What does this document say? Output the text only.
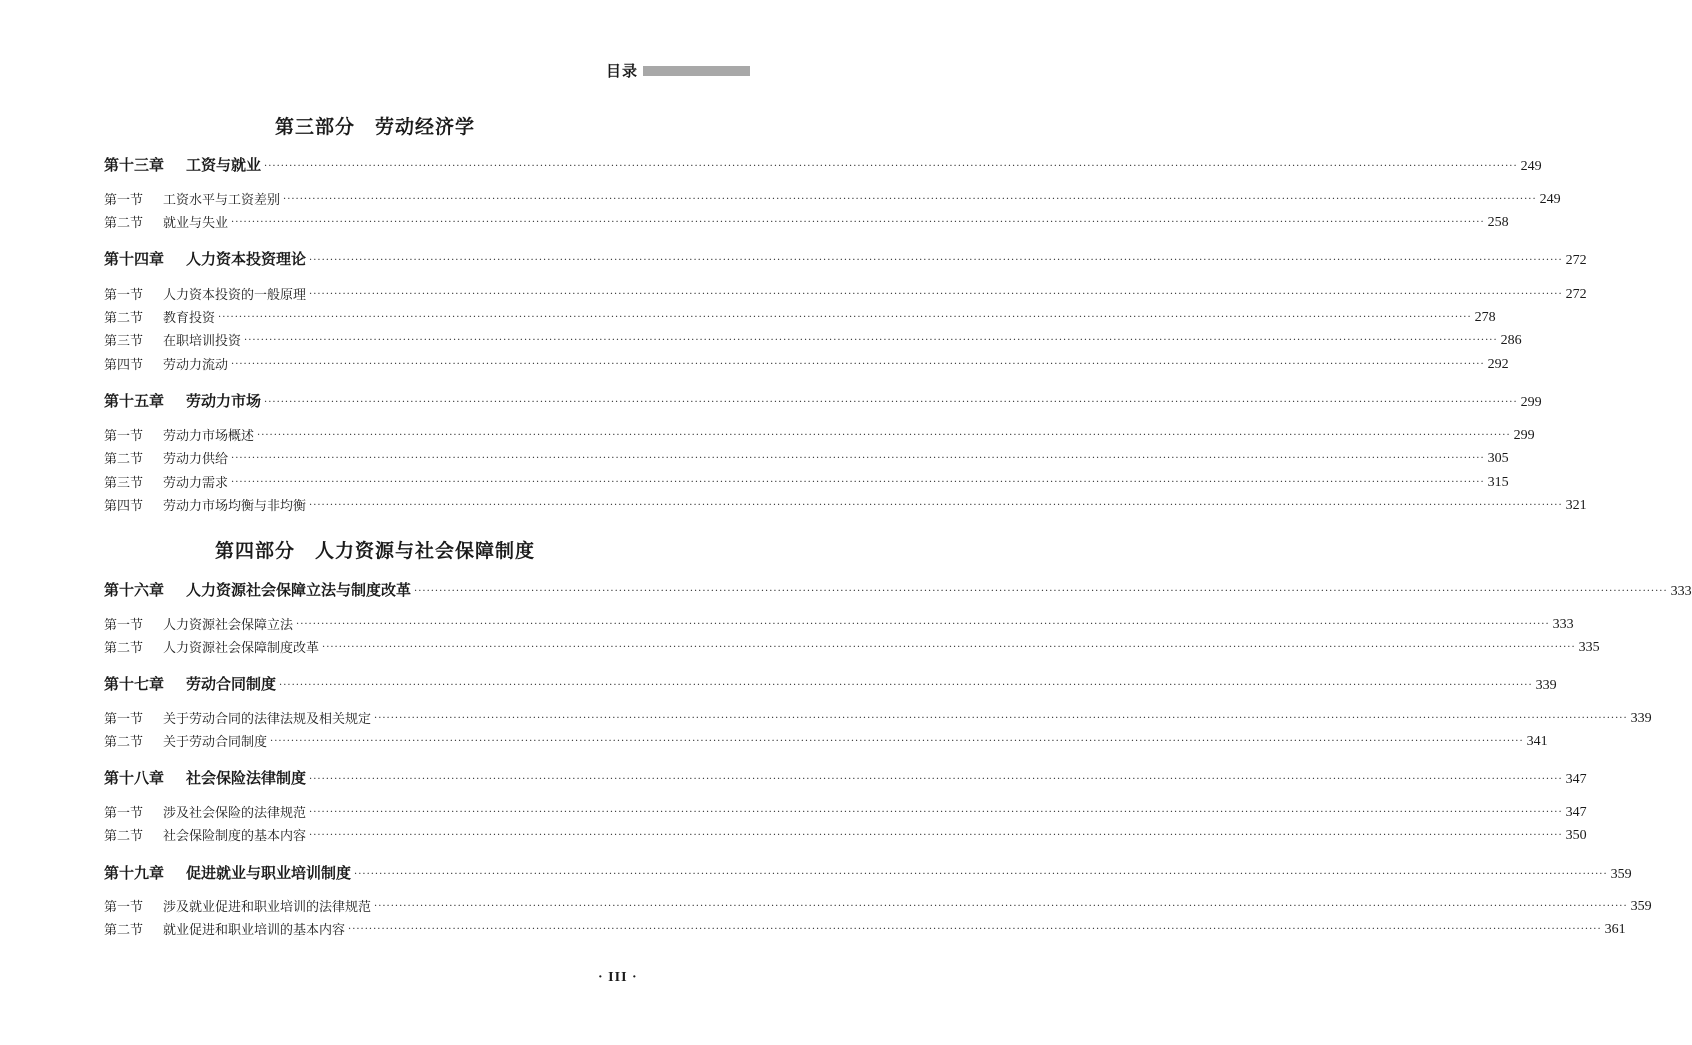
目录
第三部分　劳动经济学
第十三章 工资与就业 ············································································································································································································································································································ 249
第一节 工资水平与工资差别 ············································································································································································································································································································ 249
第二节 就业与失业 ············································································································································································································································································································ 258
第十四章 人力资本投资理论 ············································································································································································································································································································ 272
第一节 人力资本投资的一般原理 ············································································································································································································································································································ 272
第二节 教育投资 ············································································································································································································································································································ 278
第三节 在职培训投资 ············································································································································································································································································································ 286
第四节 劳动力流动 ············································································································································································································································································································ 292
第十五章 劳动力市场 ············································································································································································································································································································ 299
第一节 劳动力市场概述 ············································································································································································································································································································ 299
第二节 劳动力供给 ············································································································································································································································································································ 305
第三节 劳动力需求 ············································································································································································································································································································ 315
第四节 劳动力市场均衡与非均衡 ············································································································································································································································································································ 321
第四部分　人力资源与社会保障制度
第十六章 人力资源社会保障立法与制度改革 ············································································································································································································································································································ 333
第一节 人力资源社会保障立法 ············································································································································································································································································································ 333
第二节 人力资源社会保障制度改革 ············································································································································································································································································································ 335
第十七章 劳动合同制度 ············································································································································································································································································································ 339
第一节 关于劳动合同的法律法规及相关规定 ············································································································································································································································································································ 339
第二节 关于劳动合同制度 ············································································································································································································································································································ 341
第十八章 社会保险法律制度 ············································································································································································································································································································ 347
第一节 涉及社会保险的法律规范 ············································································································································································································································································································ 347
第二节 社会保险制度的基本内容 ············································································································································································································································································································ 350
第十九章 促进就业与职业培训制度 ············································································································································································································································································································ 359
第一节 涉及就业促进和职业培训的法律规范 ············································································································································································································································································································ 359
第二节 就业促进和职业培训的基本内容 ············································································································································································································································································································ 361
· III ·
